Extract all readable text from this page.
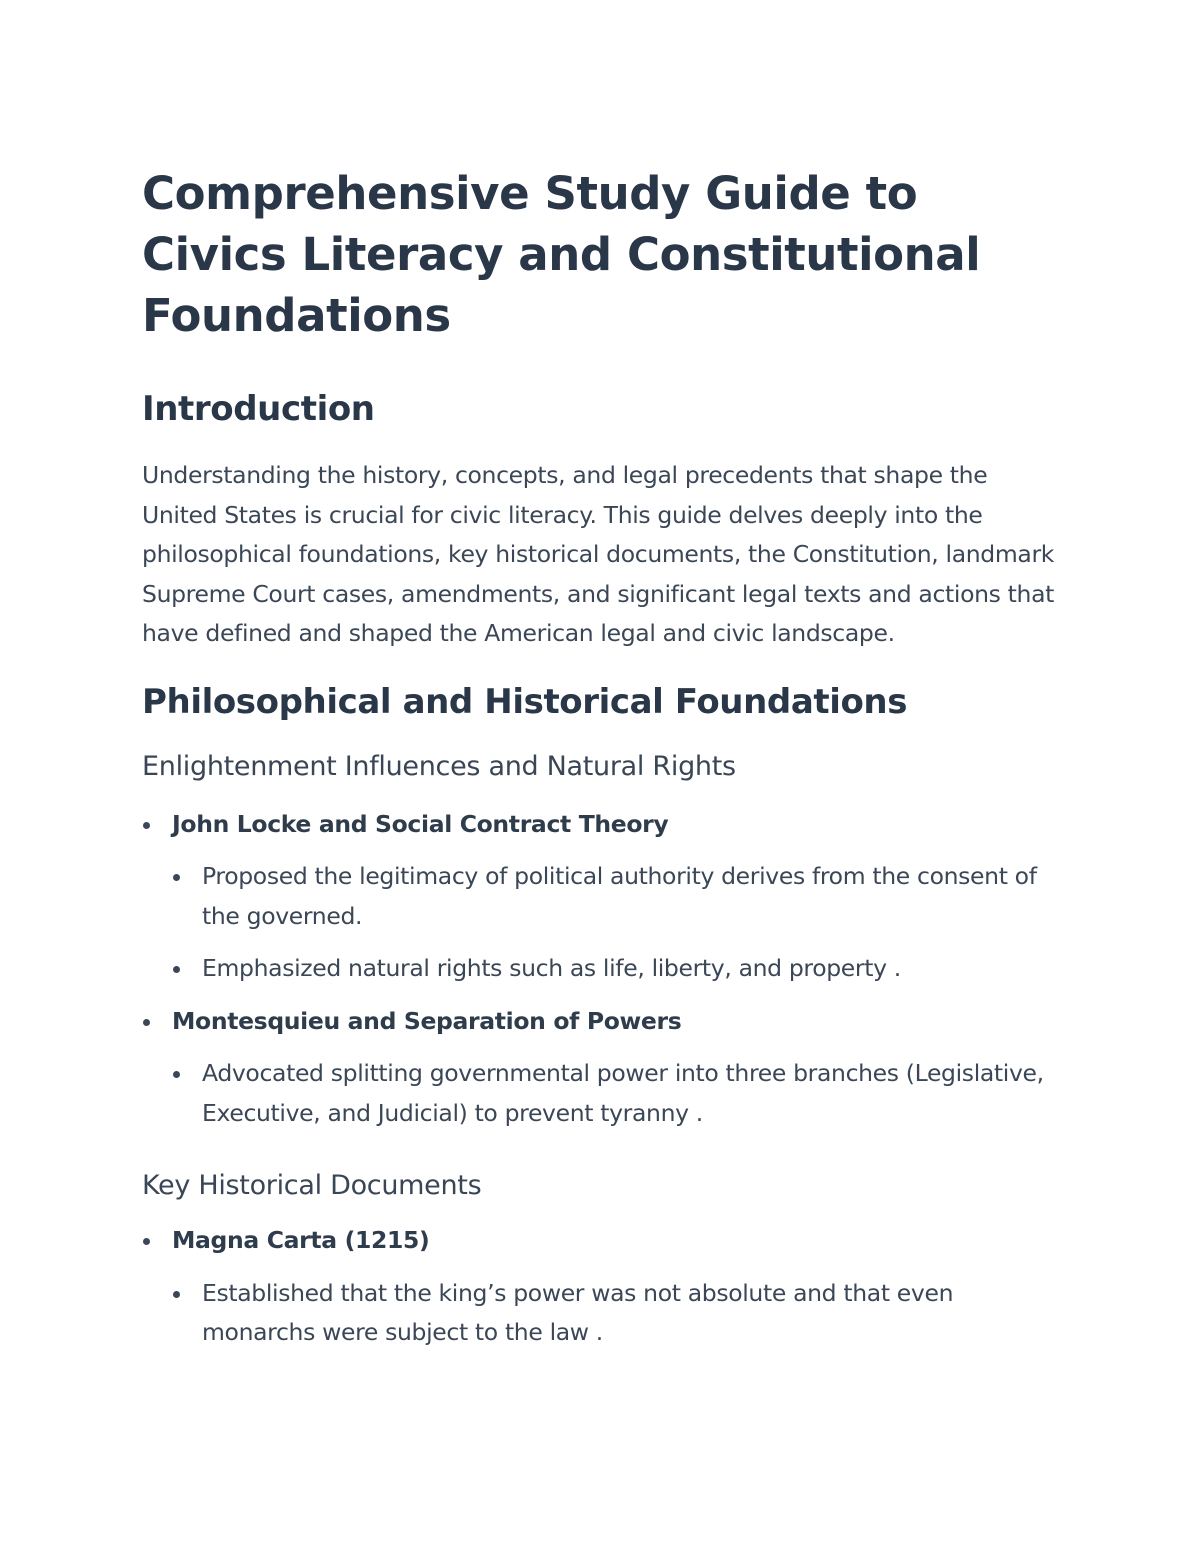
Comprehensive Study Guide to Civics Literacy and Constitutional Foundations
Introduction

Understanding the history, concepts, and legal precedents that shape the United States is crucial for civic literacy. This guide delves deeply into the philosophical foundations, key historical documents, the Constitution, landmark Supreme Court cases, amendments, and significant legal texts and actions that have defined and shaped the American legal and civic landscape.

Philosophical and Historical Foundations
Enlightenment Influences and Natural Rights
John Locke and Social Contract Theory
Proposed the legitimacy of political authority derives from the consent of the governed.
Emphasized natural rights such as life, liberty, and property .
Montesquieu and Separation of Powers
Advocated splitting governmental power into three branches (Legislative, Executive, and Judicial) to prevent tyranny .
Key Historical Documents
Magna Carta (1215)
Established that the king’s power was not absolute and that even monarchs were subject to the law .
